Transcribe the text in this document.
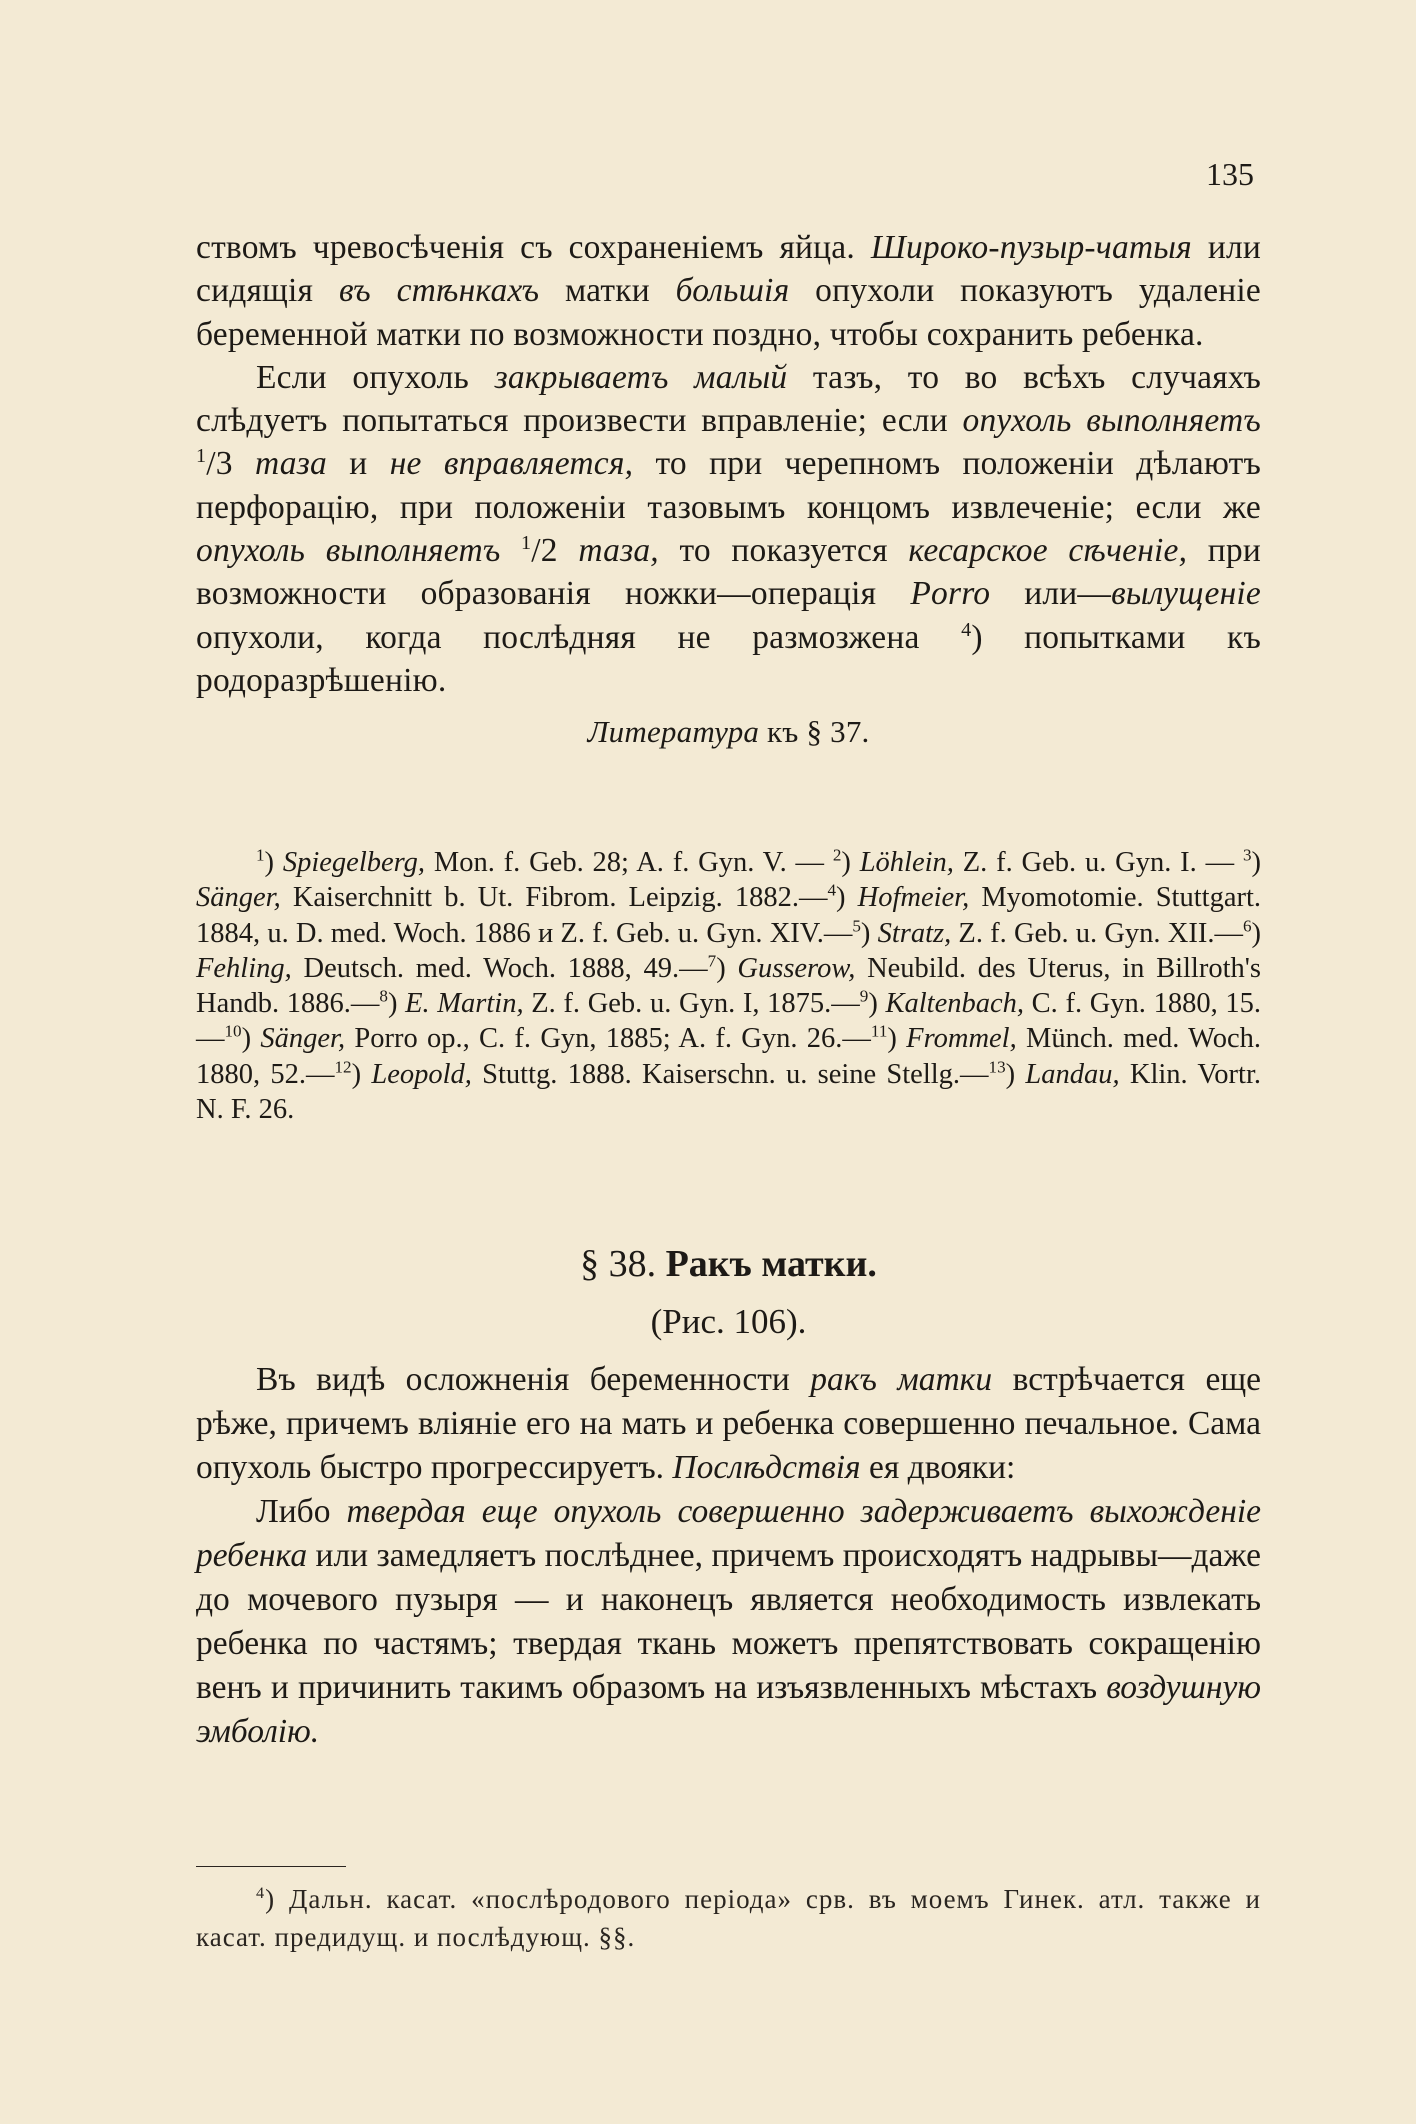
135

ствомъ чревосѣченія съ сохраненіемъ яйца. Широко-пузыр-чатыя или сидящія въ стѣнкахъ матки большія опухоли показуютъ удаленіе беременной матки по возможности поздно, чтобы сохранить ребенка.

Если опухоль закрываетъ малый тазъ, то во всѣхъ случаяхъ слѣдуетъ попытаться произвести вправленіе; если опухоль выполняетъ $^1$/3 таза и не вправляется, то при черепномъ положеніи дѣлаютъ перфорацію, при положеніи тазовымъ концомъ извлеченіе; если же опухоль выполняетъ $^1$/2 таза, то показуется кесарское сѣченіе, при возможности образованія ножки—операція Porro или—вылущеніе опухоли, когда послѣдняя не размозжена $^4$) попытками къ родоразрѣшенію.

Литература къ § 37.

$^1$) Spiegelberg, Mon. f. Geb. 28; A. f. Gyn. V. — $^2$) Löhlein, Z. f. Geb. u. Gyn. I. — $^3$) Sänger, Kaiserchnitt b. Ut. Fibrom. Leipzig. 1882.—$^4$) Hofmeier, Myomotomie. Stuttgart. 1884, u. D. med. Woch. 1886 и Z. f. Geb. u. Gyn. XIV.—$^5$) Stratz, Z. f. Geb. u. Gyn. XII.—$^6$) Fehling, Deutsch. med. Woch. 1888, 49.—$^7$) Gusserow, Neubild. des Uterus, in Billroth's Handb. 1886.—$^8$) E. Martin, Z. f. Geb. u. Gyn. I, 1875.—$^9$) Kaltenbach, C. f. Gyn. 1880, 15.—$^{10}$) Sänger, Porro op., C. f. Gyn, 1885; A. f. Gyn. 26.—$^{11}$) Frommel, Münch. med. Woch. 1880, 52.—$^{12}$) Leopold, Stuttg. 1888. Kaiserschn. u. seine Stellg.—$^{13}$) Landau, Klin. Vortr. N. F. 26.

§ 38. Ракъ матки.
(Рис. 106).

Въ видѣ осложненія беременности ракъ матки встрѣчается еще рѣже, причемъ вліяніе его на мать и ребенка совершенно печальное. Сама опухоль быстро прогрессируетъ. Послѣдствія ея двояки:

Либо твердая еще опухоль совершенно задерживаетъ выхожденіе ребенка или замедляетъ послѣднее, причемъ происходятъ надрывы—даже до мочевого пузыря — и наконецъ является необходимость извлекать ребенка по частямъ; твердая ткань можетъ препятствовать сокращенію венъ и причинить такимъ образомъ на изъязвленныхъ мѣстахъ воздушную эмболію.

$^4$) Дальн. касат. «послѣродового періода» срв. въ моемъ Гинек. атл. также и касат. предидущ. и послѣдующ. §§.
